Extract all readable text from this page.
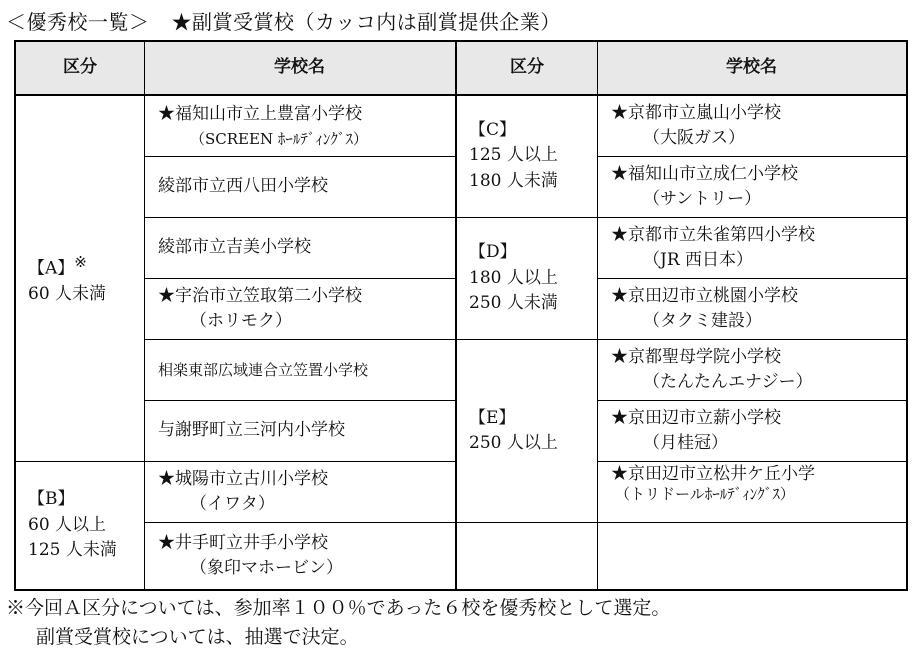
＜優秀校一覧＞ ★副賞受賞校（カッコ内は副賞提供企業）
区分	学校名
【A】※
60 人未満
【B】
60 人以上
125 人未満
★福知山市立上豊富小学校
（SCREEN ﾎｰﾙﾃﾞｨﾝｸﾞｽ）
綾部市立西八田小学校
綾部市立吉美小学校
★宇治市立笠取第二小学校
（ホリモク）
相楽東部広域連合立笠置小学校
与謝野町立三河内小学校
★城陽市立古川小学校
（イワタ）
★井手町立井手小学校
（象印マホービン）
区分	学校名
【C】
125 人以上
180 人未満
【D】
180 人以上
250 人未満
【E】
250 人以上
★京都市立嵐山小学校
（大阪ガス）
★福知山市立成仁小学校
（サントリー）
★京都市立朱雀第四小学校
（JR 西日本）
★京田辺市立桃園小学校
（タクミ建設）
★京都聖母学院小学校
（たんたんエナジー）
★京田辺市立薪小学校
（月桂冠）
★京田辺市立松井ケ丘小学
（トリドールﾎｰﾙﾃﾞｨﾝｸﾞｽ）
※今回Ａ区分については、参加率１００％であった６校を優秀校として選定。
副賞受賞校については、抽選で決定。
